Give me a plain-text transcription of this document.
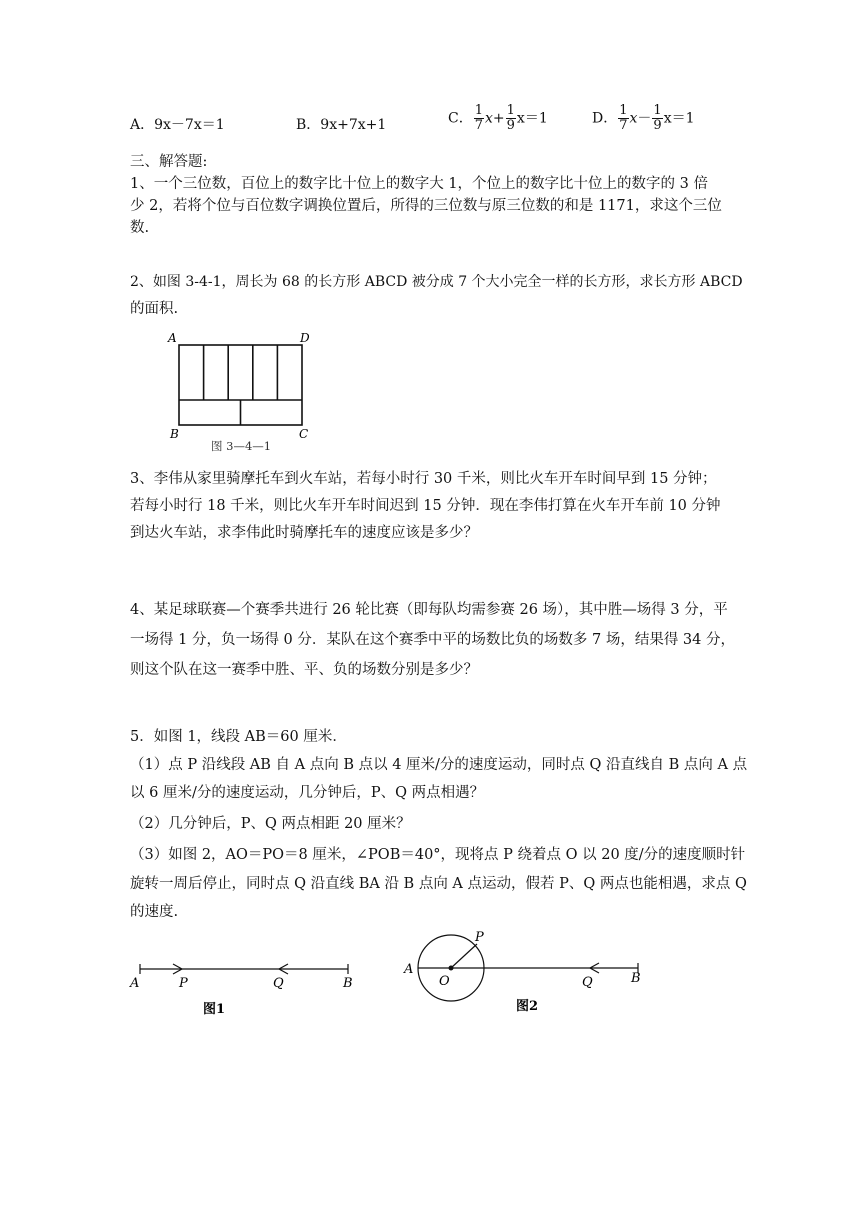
A．9x－7x＝1	B．9x+7x+1	C． $\frac{1}{7} x+ \frac{1}{9} x=1$	D． $\frac{1}{7} x- \frac{1}{9} x=1$
三、解答题:
1、一个三位数，百位上的数字比十位上的数字大 1，个位上的数字比十位上的数字的 3 倍
少 2，若将个位与百位数字调换位置后，所得的三位数与原三位数的和是 1171，求这个三位
数.
2、如图 3-4-1，周长为 68 的长方形 ABCD 被分成 7 个大小完全一样的长方形，求长方形 ABCD
的面积.
A	D
B	C
图 3—4—1
3、李伟从家里骑摩托车到火车站，若每小时行 30 千米，则比火车开车时间早到 15 分钟；
若每小时行 18 千米，则比火车开车时间迟到 15 分钟．现在李伟打算在火车开车前 10 分钟
到达火车站，求李伟此时骑摩托车的速度应该是多少？
4、某足球联赛—个赛季共进行 26 轮比赛（即每队均需参赛 26 场），其中胜—场得 3 分，平
一场得 1 分，负一场得 0 分．某队在这个赛季中平的场数比负的场数多 7 场，结果得 34 分，
则这个队在这一赛季中胜、平、负的场数分别是多少？
5．如图 1，线段 AB＝60 厘米．
（1）点 P 沿线段 AB 自 A 点向 B 点以 4 厘米/分的速度运动，同时点 Q 沿直线自 B 点向 A 点
以 6 厘米/分的速度运动，几分钟后，P、Q 两点相遇？
（2）几分钟后，P、Q 两点相距 20 厘米？
（3）如图 2，AO＝PO＝8 厘米，∠POB＝40°，现将点 P 绕着点 O 以 20 度/分的速度顺时针
旋转一周后停止，同时点 Q 沿直线 BA 沿 B 点向 A 点运动，假若 P、Q 两点也能相遇，求点 Q
的速度.
A	P	Q	B
图1
P
A
O	Q	B
图2
